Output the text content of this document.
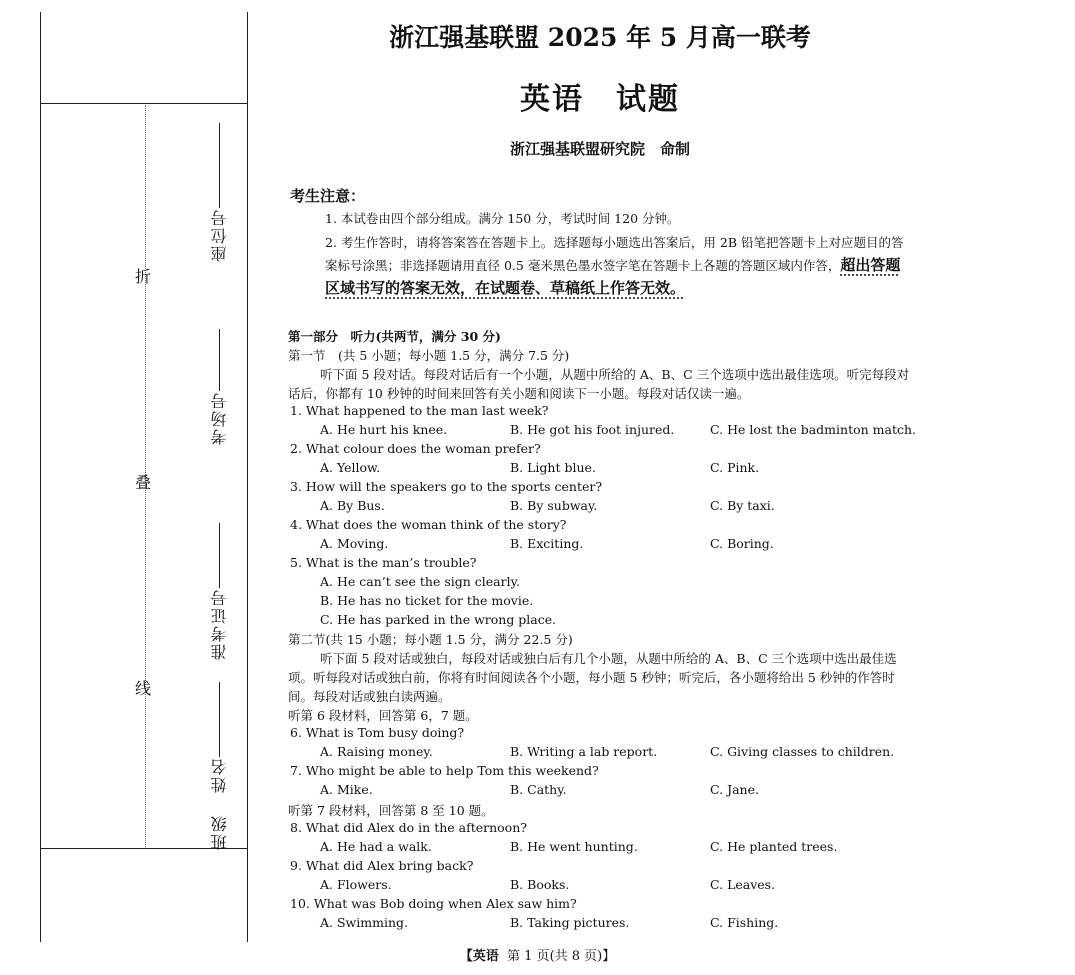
折
叠
线
座位号
考场号
准考证号
姓名
班级
浙江强基联盟 2025 年 5 月高一联考
英语　试题
浙江强基联盟研究院　命制
考生注意：
1. 本试卷由四个部分组成。满分 150 分，考试时间 120 分钟。
2. 考生作答时，请将答案答在答题卡上。选择题每小题选出答案后，用 2B 铅笔把答题卡上对应题目的答案标号涂黑；非选择题请用直径 0.5 毫米黑色墨水签字笔在答题卡上各题的答题区域内作答，超出答题区域书写的答案无效，在试题卷、草稿纸上作答无效。
第一部分　听力(共两节，满分 30 分)
第一节　(共 5 小题；每小题 1.5 分，满分 7.5 分)
听下面 5 段对话。每段对话后有一个小题，从题中所给的 A、B、C 三个选项中选出最佳选项。听完每段对话后，你都有 10 秒钟的时间来回答有关小题和阅读下一小题。每段对话仅读一遍。
1. What happened to the man last week?
A. He hurt his knee.	B. He got his foot injured.	C. He lost the badminton match.
2. What colour does the woman prefer?
A. Yellow.	B. Light blue.	C. Pink.
3. How will the speakers go to the sports center?
A. By Bus.	B. By subway.	C. By taxi.
4. What does the woman think of the story?
A. Moving.	B. Exciting.	C. Boring.
5. What is the man’s trouble?
A. He can’t see the sign clearly.
B. He has no ticket for the movie.
C. He has parked in the wrong place.
第二节(共 15 小题；每小题 1.5 分，满分 22.5 分)
听下面 5 段对话或独白，每段对话或独白后有几个小题，从题中所给的 A、B、C 三个选项中选出最佳选项。听每段对话或独白前，你将有时间阅读各个小题，每小题 5 秒钟；听完后，各小题将给出 5 秒钟的作答时间。每段对话或独白读两遍。
听第 6 段材料，回答第 6，7 题。
6. What is Tom busy doing?
A. Raising money.	B. Writing a lab report.	C. Giving classes to children.
7. Who might be able to help Tom this weekend?
A. Mike.	B. Cathy.	C. Jane.
听第 7 段材料，回答第 8 至 10 题。
8. What did Alex do in the afternoon?
A. He had a walk.	B. He went hunting.	C. He planted trees.
9. What did Alex bring back?
A. Flowers.	B. Books.	C. Leaves.
10. What was Bob doing when Alex saw him?
A. Swimming.	B. Taking pictures.	C. Fishing.
【英语 第 1 页(共 8 页)】
